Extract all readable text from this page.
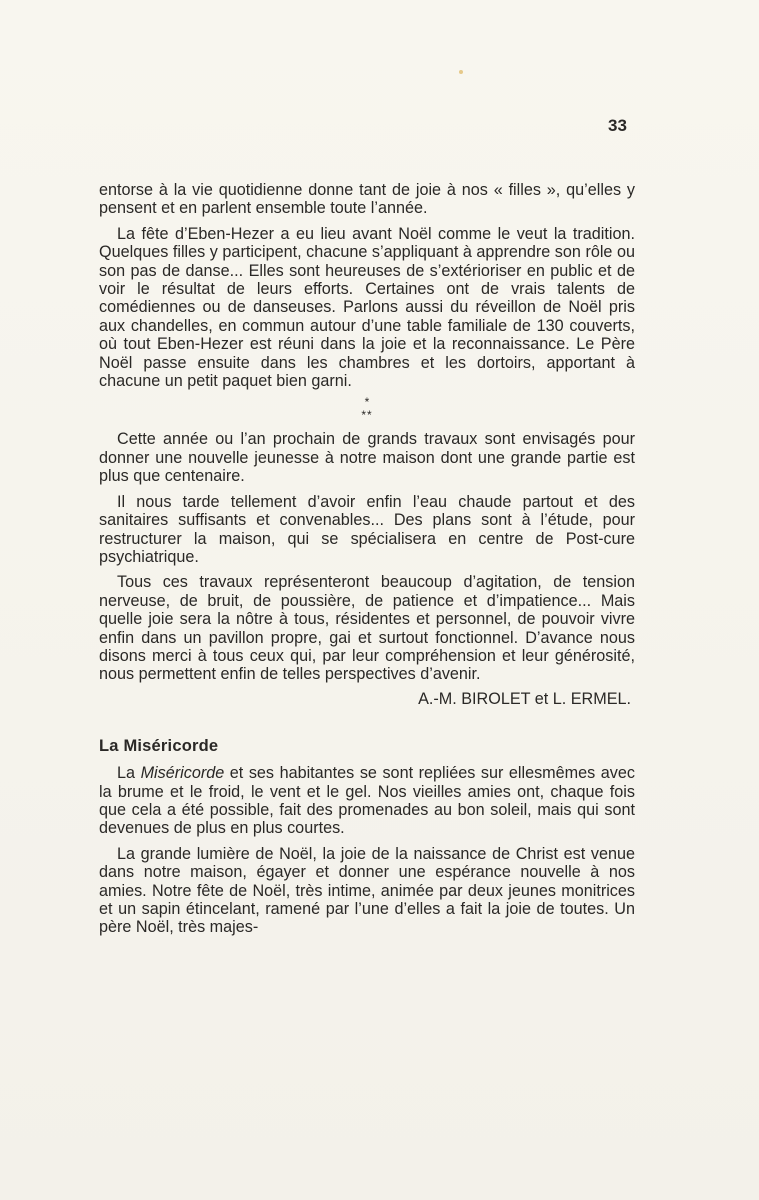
33

entorse à la vie quotidienne donne tant de joie à nos « filles », qu’elles y pensent et en parlent ensemble toute l’année.

La fête d’Eben-Hezer a eu lieu avant Noël comme le veut la tradition. Quelques filles y participent, chacune s’appliquant à apprendre son rôle ou son pas de danse... Elles sont heureuses de s’extérioriser en public et de voir le résultat de leurs efforts. Certaines ont de vrais talents de comédiennes ou de danseuses. Parlons aussi du réveillon de Noël pris aux chandelles, en commun autour d’une table familiale de 130 couverts, où tout Eben-Hezer est réuni dans la joie et la reconnaissance. Le Père Noël passe ensuite dans les chambres et les dortoirs, apportant à chacune un petit paquet bien garni.

*
**

Cette année ou l’an prochain de grands travaux sont envisagés pour donner une nouvelle jeunesse à notre maison dont une grande partie est plus que centenaire.

Il nous tarde tellement d’avoir enfin l’eau chaude partout et des sanitaires suffisants et convenables... Des plans sont à l’étude, pour restructurer la maison, qui se spécialisera en centre de Post-cure psychiatrique.

Tous ces travaux représenteront beaucoup d’agitation, de tension nerveuse, de bruit, de poussière, de patience et d’impatience... Mais quelle joie sera la nôtre à tous, résidentes et personnel, de pouvoir vivre enfin dans un pavillon propre, gai et surtout fonctionnel. D’avance nous disons merci à tous ceux qui, par leur compréhension et leur générosité, nous permettent enfin de telles perspectives d’avenir.

A.-M. BIROLET et L. ERMEL.

La Miséricorde

La Miséricorde et ses habitantes se sont repliées sur ellesmêmes avec la brume et le froid, le vent et le gel. Nos vieilles amies ont, chaque fois que cela a été possible, fait des promenades au bon soleil, mais qui sont devenues de plus en plus courtes.

La grande lumière de Noël, la joie de la naissance de Christ est venue dans notre maison, égayer et donner une espérance nouvelle à nos amies. Notre fête de Noël, très intime, animée par deux jeunes monitrices et un sapin étincelant, ramené par l’une d’elles a fait la joie de toutes. Un père Noël, très majes-
